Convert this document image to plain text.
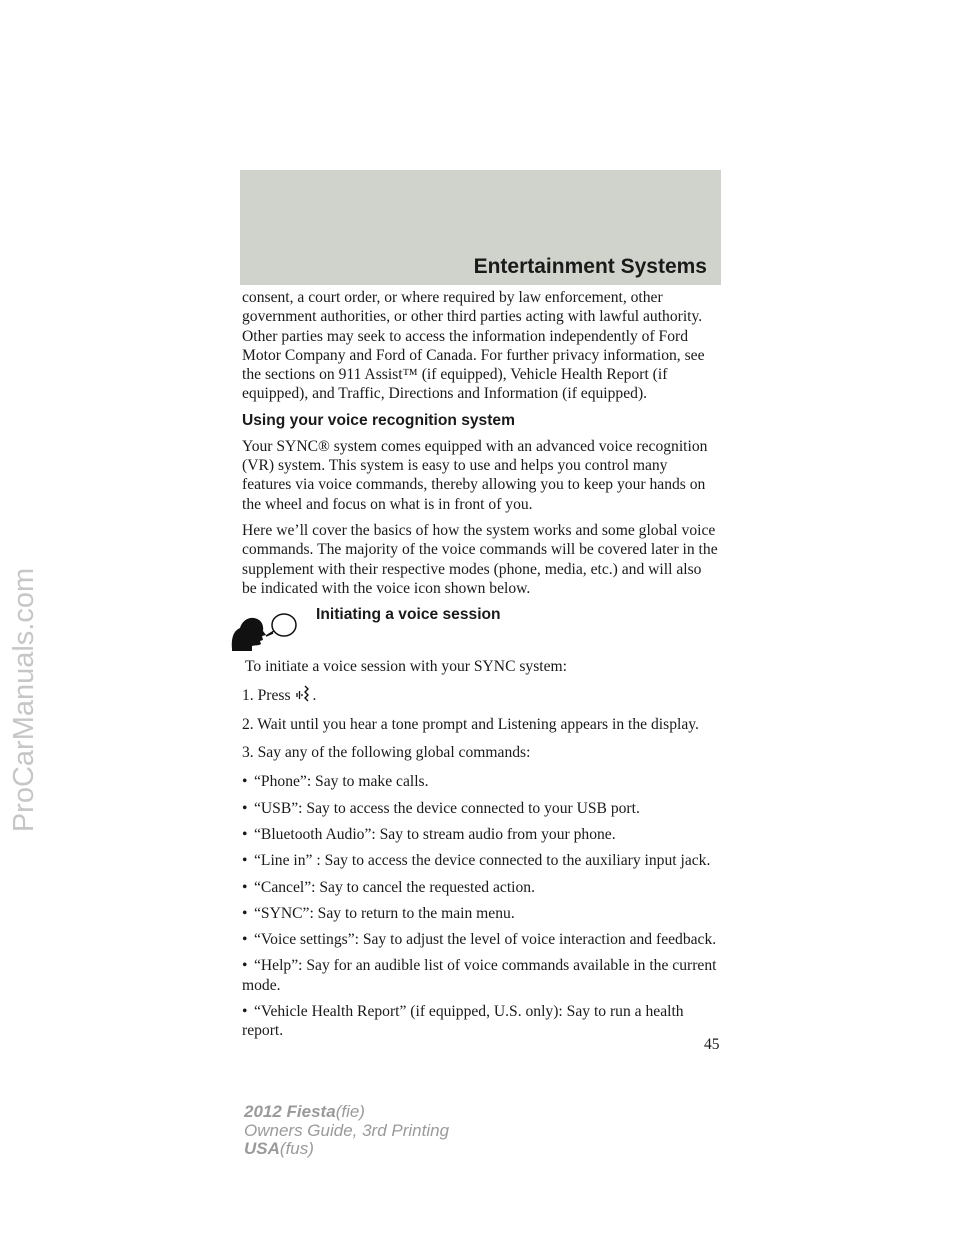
ProCarManuals.com
Entertainment Systems

consent, a court order, or where required by law enforcement, other government authorities, or other third parties acting with lawful authority. Other parties may seek to access the information independently of Ford Motor Company and Ford of Canada. For further privacy information, see the sections on 911 Assist™ (if equipped), Vehicle Health Report (if equipped), and Traffic, Directions and Information (if equipped).

Using your voice recognition system

Your SYNC® system comes equipped with an advanced voice recognition (VR) system. This system is easy to use and helps you control many features via voice commands, thereby allowing you to keep your hands on the wheel and focus on what is in front of you.

Here we’ll cover the basics of how the system works and some global voice commands. The majority of the voice commands will be covered later in the supplement with their respective modes (phone, media, etc.) and will also be indicated with the voice icon shown below.

Initiating a voice session

To initiate a voice session with your SYNC system:

1. Press .

2. Wait until you hear a tone prompt and Listening appears in the display.

3. Say any of the following global commands:

• “Phone”: Say to make calls.
• “USB”: Say to access the device connected to your USB port.
• “Bluetooth Audio”: Say to stream audio from your phone.
• “Line in” : Say to access the device connected to the auxiliary input jack.
• “Cancel”: Say to cancel the requested action.
• “SYNC”: Say to return to the main menu.
• “Voice settings”: Say to adjust the level of voice interaction and feedback.
• “Help”: Say for an audible list of voice commands available in the current mode.
• “Vehicle Health Report” (if equipped, U.S. only): Say to run a health report.
45
2012 Fiesta(fie)
Owners Guide, 3rd Printing
USA(fus)
